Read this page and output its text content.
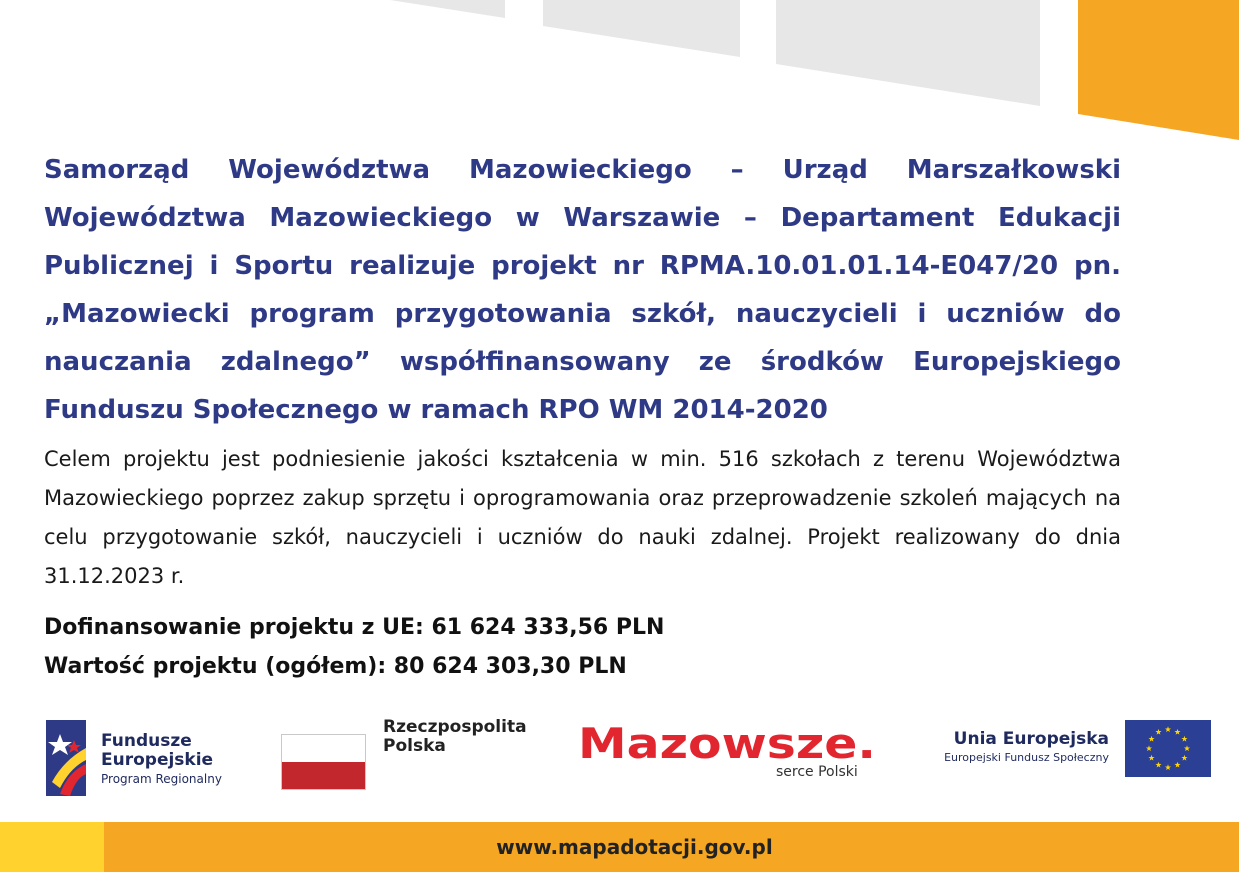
Samorząd Województwa Mazowieckiego – Urząd Marszałkowski Województwa Mazowieckiego w Warszawie – Departament Edukacji Publicznej i Sportu realizuje projekt nr RPMA.10.01.01.14-E047/20 pn. „Mazowiecki program przygotowania szkół, nauczycieli i uczniów do nauczania zdalnego” współfinansowany ze środków Europejskiego Funduszu Społecznego w ramach RPO WM 2014-2020

Celem projektu jest podniesienie jakości kształcenia w min. 516 szkołach z terenu Województwa Mazowieckiego poprzez zakup sprzętu i oprogramowania oraz przeprowadzenie szkoleń mających na celu przygotowanie szkół, nauczycieli i uczniów do nauki zdalnej. Projekt realizowany do dnia 31.12.2023 r.

Dofinansowanie projektu z UE: 61 624 333,56 PLN
Wartość projektu (ogółem): 80 624 303,30 PLN
Fundusze
Europejskie
Program Regionalny
Rzeczpospolita
Polska	Mazowsze.
serce Polski
Unia Europejska
Europejski Fundusz Społeczny
www.mapadotacji.gov.pl
